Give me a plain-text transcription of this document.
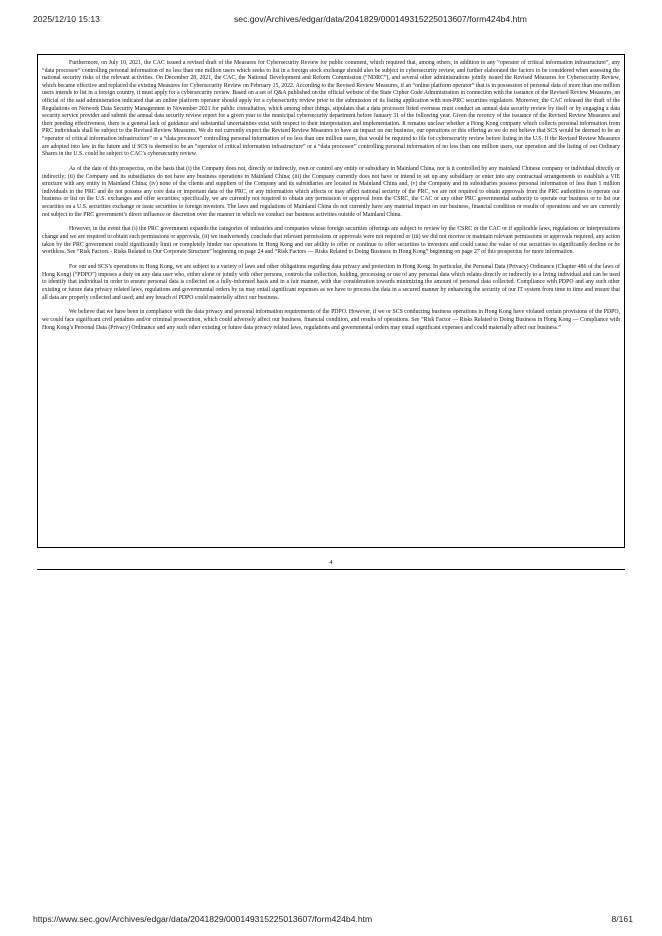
2025/12/10 15:13	sec.gov/Archives/edgar/data/2041829/000149315225013607/form424b4.htm

Furthermore, on July 10, 2021, the CAC issued a revised draft of the Measures for Cybersecurity Review for public comment, which required that, among others, in addition to any “operator of critical information infrastructure”, any “data processor” controlling personal information of no less than one million users which seeks to list in a foreign stock exchange should also be subject to cybersecurity review, and further elaborated the factors to be considered when assessing the national security risks of the relevant activities. On December 28, 2021, the CAC, the National Development and Reform Commission (“NDRC”), and several other administrations jointly issued the Revised Measures for Cybersecurity Review, which became effective and replaced the existing Measures for Cybersecurity Review on February 15, 2022. According to the Revised Review Measures, if an “online platform operator” that is in possession of personal data of more than one million users intends to list in a foreign country, it must apply for a cybersecurity review. Based on a set of Q&A published on the official website of the State Cipher Code Administration in connection with the issuance of the Revised Review Measures, an official of the said administration indicated that an online platform operator should apply for a cybersecurity review prior to the submission of its listing application with non-PRC securities regulators. Moreover, the CAC released the draft of the Regulations on Network Data Security Management in November 2021 for public consultation, which among other things, stipulates that a data processor listed overseas must conduct an annual data security review by itself or by engaging a data security service provider and submit the annual data security review report for a given year to the municipal cybersecurity department before January 31 of the following year. Given the recency of the issuance of the Revised Review Measures and their pending effectiveness, there is a general lack of guidance and substantial uncertainties exist with respect to their interpretation and implementation. It remains unclear whether a Hong Kong company which collects personal information from PRC individuals shall be subject to the Revised Review Measures. We do not currently expect the Revised Review Measures to have an impact on our business, our operations or this offering as we do not believe that SCS would be deemed to be an “operator of critical information infrastructure” or a “data processor” controlling personal information of no less than one million users, that would be required to file for cybersecurity review before listing in the U.S. If the Revised Review Measures are adopted into law in the future and if SCS is deemed to be an “operator of critical information infrastructure” or a “data processor” controlling personal information of no less than one million users, our operation and the listing of our Ordinary Shares in the U.S. could be subject to CAC’s cybersecurity review.

As of the date of this prospectus, on the basis that (i) the Company does not, directly or indirectly, own or control any entity or subsidiary in Mainland China, nor is it controlled by any mainland Chinese company or individual directly or indirectly; (ii) the Company and its subsidiaries do not have any business operations in Mainland China; (iii) the Company currently does not have or intend to set up any subsidiary or enter into any contractual arrangements to establish a VIE structure with any entity in Mainland China; (iv) none of the clients and suppliers of the Company and its subsidiaries are located in Mainland China and, (v) the Company and its subsidiaries possess personal information of less than 1 million individuals in the PRC and do not possess any core data or important data of the PRC, or any information which affects or may affect national security of the PRC, we are not required to obtain approvals from the PRC authorities to operate our business or list on the U.S. exchanges and offer securities; specifically, we are currently not required to obtain any permission or approval from the CSRC, the CAC or any other PRC governmental authority to operate our business or to list our securities on a U.S. securities exchange or issue securities to foreign investors. The laws and regulations of Mainland China do not currently have any material impact on our business, financial condition or results of operations and we are currently not subject to the PRC government’s direct influence or discretion over the manner in which we conduct our business activities outside of Mainland China.

However, in the event that (i) the PRC government expands the categories of industries and companies whose foreign securities offerings are subject to review by the CSRC or the CAC or if applicable laws, regulations or interpretations change and we are required to obtain such permissions or approvals, (ii) we inadvertently conclude that relevant permissions or approvals were not required or (iii) we did not receive or maintain relevant permissions or approvals required, any action taken by the PRC government could significantly limit or completely hinder our operations in Hong Kong and our ability to offer or continue to offer securities to investors and could cause the value of our securities to significantly decline or be worthless. See “Risk Factors - Risks Related to Our Corporate Structure” beginning on page 24 and “Risk Factors — Risks Related to Doing Business in Hong Kong” beginning on page 27 of this prospectus for more information.

For our and SCS’s operations in Hong Kong, we are subject to a variety of laws and other obligations regarding data privacy and protection in Hong Kong. In particular, the Personal Data (Privacy) Ordinance (Chapter 486 of the laws of Hong Kong) (“PDPO”) imposes a duty on any data user who, either alone or jointly with other persons, controls the collection, holding, processing or use of any personal data which relates directly or indirectly to a living individual and can be used to identify that individual in order to ensure personal data is collected on a fully-informed basis and in a fair manner, with due consideration towards minimizing the amount of personal data collected. Compliance with PDPO and any such other existing or future data privacy related laws, regulations and governmental orders by us may entail significant expenses as we have to process the data in a secured manner by enhancing the security of our IT system from time to time and ensure that all data are properly collected and used; and any breach of PDPO could materially affect our business.

We believe that we have been in compliance with the data privacy and personal information requirements of the PDPO. However, if we or SCS conducting business operations in Hong Kong have violated certain provisions of the PDPO, we could face significant civil penalties and/or criminal prosecution, which could adversely affect our business, financial condition, and results of operations. See “Risk Factor — Risks Related to Doing Business in Hong Kong — Compliance with Hong Kong’s Personal Data (Privacy) Ordinance and any such other existing or future data privacy related laws, regulations and governmental orders may entail significant expenses and could materially affect our business.”

4
https://www.sec.gov/Archives/edgar/data/2041829/000149315225013607/form424b4.htm	8/161
